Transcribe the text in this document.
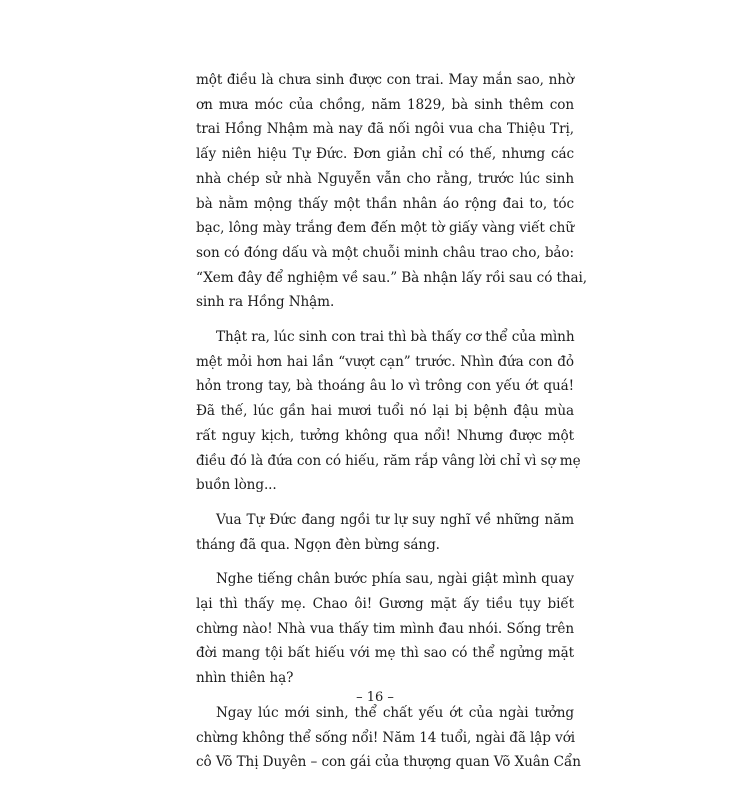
một điều là chưa sinh được con trai. May mắn sao, nhờ
ơn mưa móc của chồng, năm 1829, bà sinh thêm con
trai Hồng Nhậm mà nay đã nối ngôi vua cha Thiệu Trị,
lấy niên hiệu Tự Đức. Đơn giản chỉ có thế, nhưng các
nhà chép sử nhà Nguyễn vẫn cho rằng, trước lúc sinh
bà nằm mộng thấy một thần nhân áo rộng đai to, tóc
bạc, lông mày trắng đem đến một tờ giấy vàng viết chữ
son có đóng dấu và một chuỗi minh châu trao cho, bảo:
“Xem đây để nghiệm về sau.” Bà nhận lấy rồi sau có thai,
sinh ra Hồng Nhậm.
Thật ra, lúc sinh con trai thì bà thấy cơ thể của mình
mệt mỏi hơn hai lần “vượt cạn” trước. Nhìn đứa con đỏ
hỏn trong tay, bà thoáng âu lo vì trông con yếu ớt quá!
Đã thế, lúc gần hai mươi tuổi nó lại bị bệnh đậu mùa
rất nguy kịch, tưởng không qua nổi! Nhưng được một
điều đó là đứa con có hiếu, răm rắp vâng lời chỉ vì sợ mẹ
buồn lòng...
Vua Tự Đức đang ngồi tư lự suy nghĩ về những năm
tháng đã qua. Ngọn đèn bừng sáng.
Nghe tiếng chân bước phía sau, ngài giật mình quay
lại thì thấy mẹ. Chao ôi! Gương mặt ấy tiều tụy biết
chừng nào! Nhà vua thấy tim mình đau nhói. Sống trên
đời mang tội bất hiếu với mẹ thì sao có thể ngửng mặt
nhìn thiên hạ?
Ngay lúc mới sinh, thể chất yếu ớt của ngài tưởng
chừng không thể sống nổi! Năm 14 tuổi, ngài đã lập với
cô Võ Thị Duyên – con gái của thượng quan Võ Xuân Cẩn
– 16 –
